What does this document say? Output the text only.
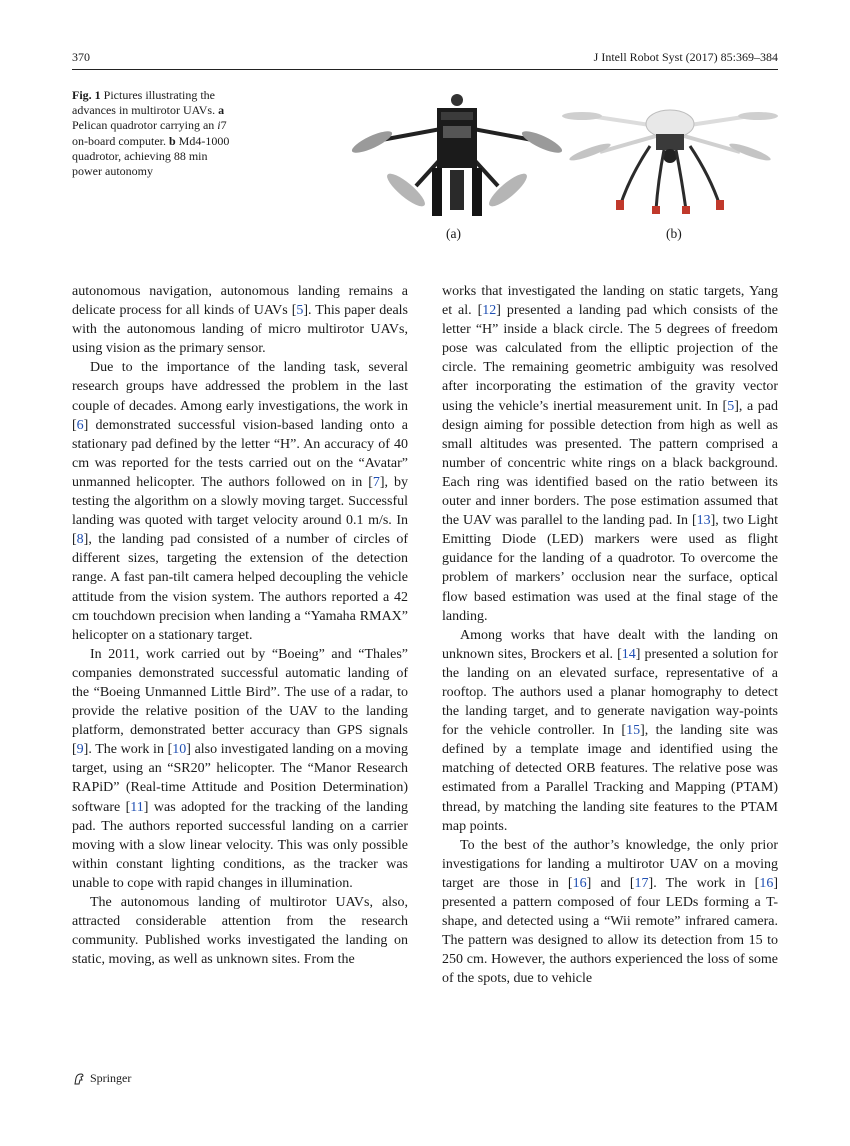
370	J Intell Robot Syst (2017) 85:369–384
Fig. 1 Pictures illustrating the advances in multirotor UAVs. a Pelican quadrotor carrying an i7 on-board computer. b Md4-1000 quadrotor, achieving 88 min power autonomy
(a)	(b)

autonomous navigation, autonomous landing remains a delicate process for all kinds of UAVs [5]. This paper deals with the autonomous landing of micro multirotor UAVs, using vision as the primary sensor.

Due to the importance of the landing task, several research groups have addressed the problem in the last couple of decades. Among early investigations, the work in [6] demonstrated successful vision-based landing onto a stationary pad defined by the letter “H”. An accuracy of 40 cm was reported for the tests carried out on the “Avatar” unmanned helicopter. The authors followed on in [7], by testing the algorithm on a slowly moving target. Successful landing was quoted with target velocity around 0.1 m/s. In [8], the landing pad consisted of a number of circles of different sizes, targeting the extension of the detection range. A fast pan-tilt camera helped decoupling the vehicle attitude from the vision system. The authors reported a 42 cm touchdown precision when landing a “Yamaha RMAX” helicopter on a stationary target.

In 2011, work carried out by “Boeing” and “Thales” companies demonstrated successful automatic landing of the “Boeing Unmanned Little Bird”. The use of a radar, to provide the relative position of the UAV to the landing platform, demonstrated better accuracy than GPS signals [9]. The work in [10] also investigated landing on a moving target, using an “SR20” helicopter. The “Manor Research RAPiD” (Real-time Attitude and Position Determination) software [11] was adopted for the tracking of the landing pad. The authors reported successful landing on a carrier moving with a slow linear velocity. This was only possible within constant lighting conditions, as the tracker was unable to cope with rapid changes in illumination.

The autonomous landing of multirotor UAVs, also, attracted considerable attention from the research community. Published works investigated the landing on static, moving, as well as unknown sites. From the

works that investigated the landing on static targets, Yang et al. [12] presented a landing pad which consists of the letter “H” inside a black circle. The 5 degrees of freedom pose was calculated from the elliptic projection of the circle. The remaining geometric ambiguity was resolved after incorporating the estimation of the gravity vector using the vehicle’s inertial measurement unit. In [5], a pad design aiming for possible detection from high as well as small altitudes was presented. The pattern comprised a number of concentric white rings on a black background. Each ring was identified based on the ratio between its outer and inner borders. The pose estimation assumed that the UAV was parallel to the landing pad. In [13], two Light Emitting Diode (LED) markers were used as flight guidance for the landing of a quadrotor. To overcome the problem of markers’ occlusion near the surface, optical flow based estimation was used at the final stage of the landing.

Among works that have dealt with the landing on unknown sites, Brockers et al. [14] presented a solution for the landing on an elevated surface, representative of a rooftop. The authors used a planar homography to detect the landing target, and to generate navigation way-points for the vehicle controller. In [15], the landing site was defined by a template image and identified using the matching of detected ORB features. The relative pose was estimated from a Parallel Tracking and Mapping (PTAM) thread, by matching the landing site features to the PTAM map points.

To the best of the author’s knowledge, the only prior investigations for landing a multirotor UAV on a moving target are those in [16] and [17]. The work in [16] presented a pattern composed of four LEDs forming a T-shape, and detected using a “Wii remote” infrared camera. The pattern was designed to allow its detection from 15 to 250 cm. However, the authors experienced the loss of some of the spots, due to vehicle

Springer
